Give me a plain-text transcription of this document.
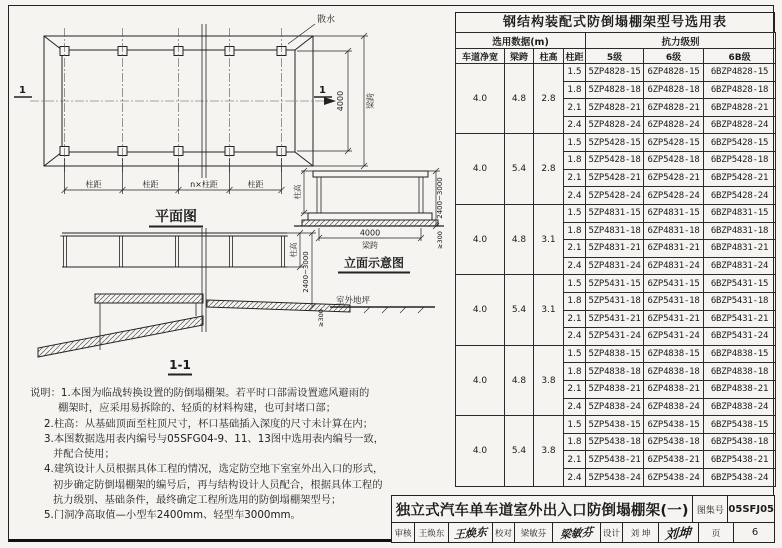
散水
1	1
4000	梁跨
柱距	柱距	n×柱距	柱距
平面图
室外地坪
柱高
2400~3000
≥300
1-1
柱高	2400~3000
≥300
4000
梁跨
立面示意图
钢结构装配式防倒塌棚架型号选用表
选用数据(m)				抗力级别		
车道净宽	梁跨	柱高	柱距	5级	6级	6B级
4.0	4.8	2.8	1.5	5ZP4828-15	6ZP4828-15	6BZP4828-15
			1.8	5ZP4828-18	6ZP4828-18	6BZP4828-18
			2.1	5ZP4828-21	6ZP4828-21	6BZP4828-21
			2.4	5ZP4828-24	6ZP4828-24	6BZP4828-24
4.0	5.4	2.8	1.5	5ZP5428-15	6ZP5428-15	6BZP5428-15
			1.8	5ZP5428-18	6ZP5428-18	6BZP5428-18
			2.1	5ZP5428-21	6ZP5428-21	6BZP5428-21
			2.4	5ZP5428-24	6ZP5428-24	6BZP5428-24
4.0	4.8	3.1	1.5	5ZP4831-15	6ZP4831-15	6BZP4831-15
			1.8	5ZP4831-18	6ZP4831-18	6BZP4831-18
			2.1	5ZP4831-21	6ZP4831-21	6BZP4831-21
			2.4	5ZP4831-24	6ZP4831-24	6BZP4831-24
4.0	5.4	3.1	1.5	5ZP5431-15	6ZP5431-15	6BZP5431-15
			1.8	5ZP5431-18	6ZP5431-18	6BZP5431-18
			2.1	5ZP5431-21	6ZP5431-21	6BZP5431-21
			2.4	5ZP5431-24	6ZP5431-24	6BZP5431-24
4.0	4.8	3.8	1.5	5ZP4838-15	6ZP4838-15	6BZP4838-15
			1.8	5ZP4838-18	6ZP4838-18	6BZP4838-18
			2.1	5ZP4838-21	6ZP4838-21	6BZP4838-21
			2.4	5ZP4838-24	6ZP4838-24	6BZP4838-24
4.0	5.4	3.8	1.5	5ZP5438-15	6ZP5438-15	6BZP5438-15
			1.8	5ZP5438-18	6ZP5438-18	6BZP5438-18
			2.1	5ZP5438-21	6ZP5438-21	6BZP5438-21
			2.4	5ZP5438-24	6ZP5438-24	6BZP5438-24
说明： 1.本图为临战转换设置的防倒塌棚架。若平时口部需设置遮风避雨的
棚架时，应采用易拆除的、轻质的材料构建，也可封堵口部；
2.柱高：从基础顶面至柱顶尺寸，杯口基础插入深度的尺寸未计算在内；
3.本图数据选用表内编号与05SFG04-9、11、13图中选用表内编号一致，
并配合使用；
4.建筑设计人员根据具体工程的情况，选定防空地下室室外出入口的形式，
初步确定防倒塌棚架的编号后，再与结构设计人员配合，根据具体工程的
抗力级别、基础条件，最终确定工程所选用的防倒塌棚架型号；
5.门洞净高取值—小型车2400mm、轻型车3000mm。	独立式汽车单车道室外出入口防倒塌棚架(一) 图集号 05SFJ05
审核 王焕东 王焕东 校对	梁敏芬	梁敏芬 设计	刘 坤	刘坤	页	6
